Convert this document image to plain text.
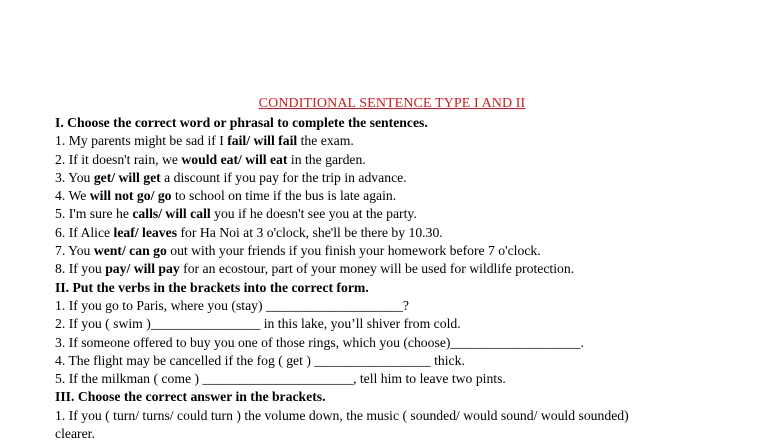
CONDITIONAL SENTENCE TYPE I AND II
I. Choose the correct word or phrasal to complete the sentences.
1. My parents might be sad if I fail/ will fail the exam.
2. If it doesn't rain, we would eat/ will eat in the garden.
3. You get/ will get a discount if you pay for the trip in advance.
4. We will not go/ go to school on time if the bus is late again.
5. I'm sure he calls/ will call you if he doesn't see you at the party.
6. If Alice leaf/ leaves for Ha Noi at 3 o'clock, she'll be there by 10.30.
7. You went/ can go out with your friends if you finish your homework before 7 o'clock.
8. If you pay/ will pay for an ecostour, part of your money will be used for wildlife protection.
II. Put the verbs in the brackets into the correct form.
1. If you go to Paris, where you (stay) ____________________?
2. If you ( swim )________________ in this lake, you’ll shiver from cold.
3. If someone offered to buy you one of those rings, which you (choose)___________________.
4. The flight may be cancelled if the fog ( get ) _________________ thick.
5. If the milkman ( come ) ______________________, tell him to leave two pints.
III. Choose the correct answer in the brackets.
1. If you ( turn/ turns/ could turn ) the volume down, the music ( sounded/ would sound/ would sounded)
clearer.
